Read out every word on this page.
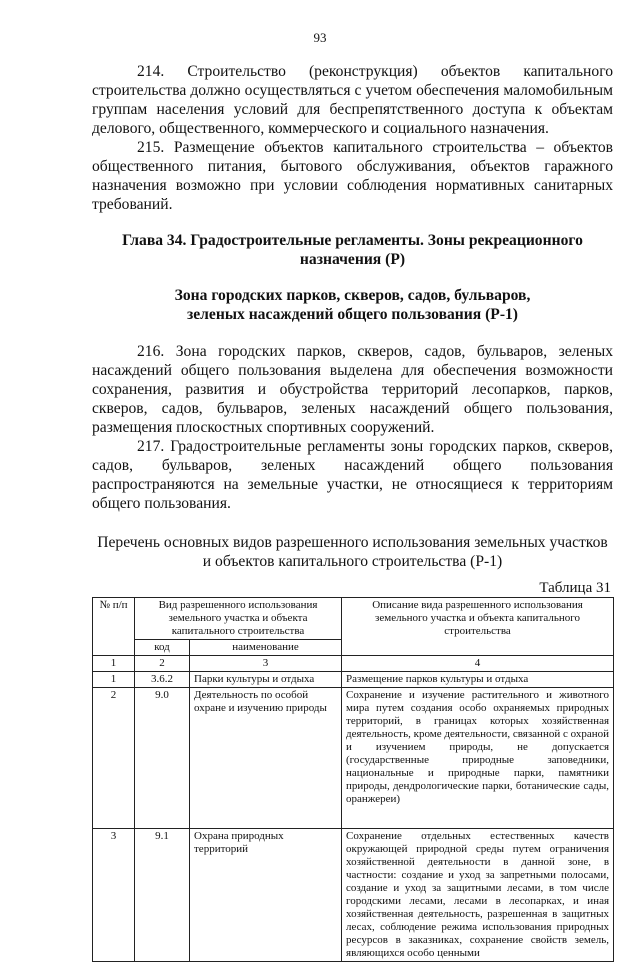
93

214. Строительство (реконструкция) объектов капитального строительства должно осуществляться с учетом обеспечения маломобильным группам населения условий для беспрепятственного доступа к объектам делового, общественного, коммерческого и социального назначения.

215. Размещение объектов капитального строительства – объектов общественного питания, бытового обслуживания, объектов гаражного назначения возможно при условии соблюдения нормативных санитарных требований.

Глава 34. Градостроительные регламенты. Зоны рекреационного назначения (Р)

Зона городских парков, скверов, садов, бульваров, зеленых насаждений общего пользования (Р-1)

216. Зона городских парков, скверов, садов, бульваров, зеленых насаждений общего пользования выделена для обеспечения возможности сохранения, развития и обустройства территорий лесопарков, парков, скверов, садов, бульваров, зеленых насаждений общего пользования, размещения плоскостных спортивных сооружений.

217. Градостроительные регламенты зоны городских парков, скверов, садов, бульваров, зеленых насаждений общего пользования распространяются на земельные участки, не относящиеся к территориям общего пользования.

Перечень основных видов разрешенного использования земельных участков и объектов капитального строительства (Р-1)

Таблица 31

№ п/п	Вид разрешенного использования земельного участка и объекта капитального строительства		Описание вида разрешенного использования земельного участка и объекта капитального строительства
	код	наименование	
1	2	3	4
1	3.6.2	Парки культуры и отдыха	Размещение парков культуры и отдыха
2	9.0	Деятельность по особой охране и изучению природы	Сохранение и изучение растительного и животного мира путем создания особо охраняемых природных территорий, в границах которых хозяйственная деятельность, кроме деятельности, связанной с охраной и изучением природы, не допускается (государственные природные заповедники, национальные и природные парки, памятники природы, дендрологические парки, ботанические сады, оранжереи)
3	9.1	Охрана природных территорий	Сохранение отдельных естественных качеств окружающей природной среды путем ограничения хозяйственной деятельности в данной зоне, в частности: создание и уход за запретными полосами, создание и уход за защитными лесами, в том числе городскими лесами, лесами в лесопарках, и иная хозяйственная деятельность, разрешенная в защитных лесах, соблюдение режима использования природных ресурсов в заказниках, сохранение свойств земель, являющихся особо ценными
